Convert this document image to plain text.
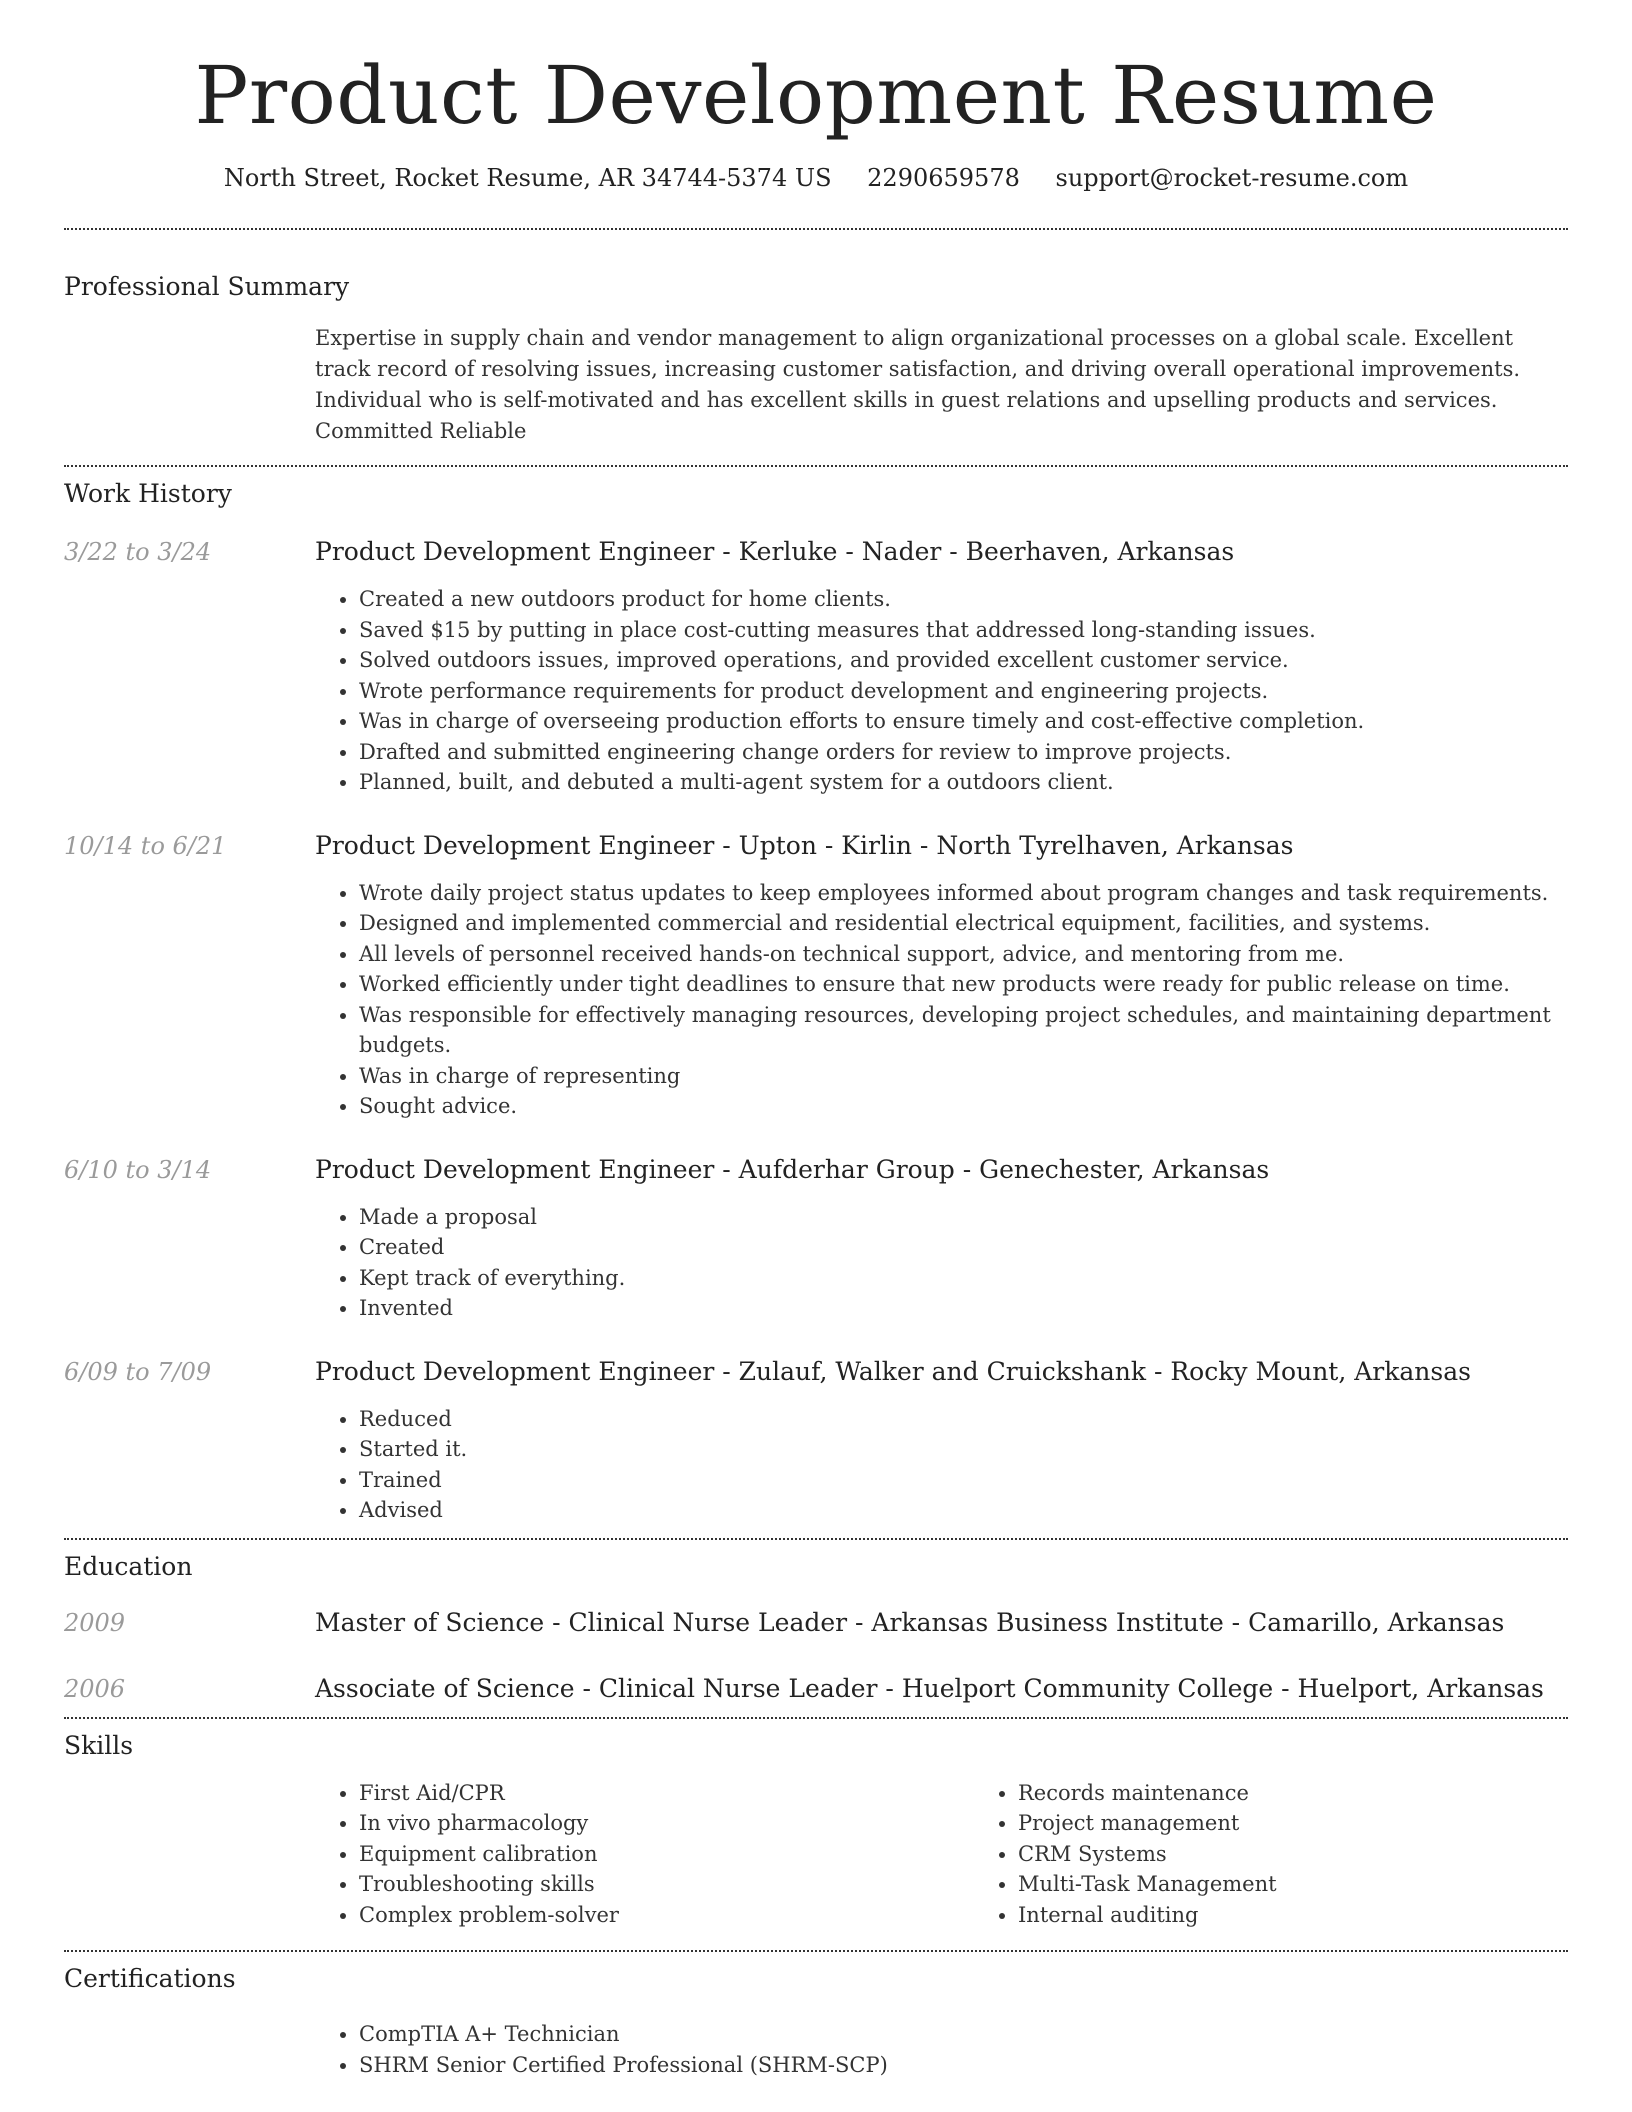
Product Development Resume
North Street, Rocket Resume, AR 34744-5374 US 2290659578 support@rocket-resume.com
Professional Summary
Expertise in supply chain and vendor management to align organizational processes on a global scale. Excellent track record of resolving issues, increasing customer satisfaction, and driving overall operational improvements. Individual who is self-motivated and has excellent skills in guest relations and upselling products and services. Committed Reliable
Work History
3/22 to 3/24	Product Development Engineer - Kerluke - Nader - Beerhaven, Arkansas
• Created a new outdoors product for home clients.
• Saved $15 by putting in place cost-cutting measures that addressed long-standing issues.
• Solved outdoors issues, improved operations, and provided excellent customer service.
• Wrote performance requirements for product development and engineering projects.
• Was in charge of overseeing production efforts to ensure timely and cost-effective completion.
• Drafted and submitted engineering change orders for review to improve projects.
• Planned, built, and debuted a multi-agent system for a outdoors client.
10/14 to 6/21	Product Development Engineer - Upton - Kirlin - North Tyrelhaven, Arkansas
• Wrote daily project status updates to keep employees informed about program changes and task requirements.
• Designed and implemented commercial and residential electrical equipment, facilities, and systems.
• All levels of personnel received hands-on technical support, advice, and mentoring from me.
• Worked efficiently under tight deadlines to ensure that new products were ready for public release on time.
• Was responsible for effectively managing resources, developing project schedules, and maintaining department budgets.
• Was in charge of representing
• Sought advice.
6/10 to 3/14	Product Development Engineer - Aufderhar Group - Genechester, Arkansas
• Made a proposal
• Created
• Kept track of everything.
• Invented
6/09 to 7/09	Product Development Engineer - Zulauf, Walker and Cruickshank - Rocky Mount, Arkansas
• Reduced
• Started it.
• Trained
• Advised
Education
2009	Master of Science - Clinical Nurse Leader - Arkansas Business Institute - Camarillo, Arkansas
2006	Associate of Science - Clinical Nurse Leader - Huelport Community College - Huelport, Arkansas
Skills
• First Aid/CPR
• In vivo pharmacology
• Equipment calibration
• Troubleshooting skills
• Complex problem-solver
• Records maintenance
• Project management
• CRM Systems
• Multi-Task Management
• Internal auditing
Certifications
• CompTIA A+ Technician
• SHRM Senior Certified Professional (SHRM-SCP)
